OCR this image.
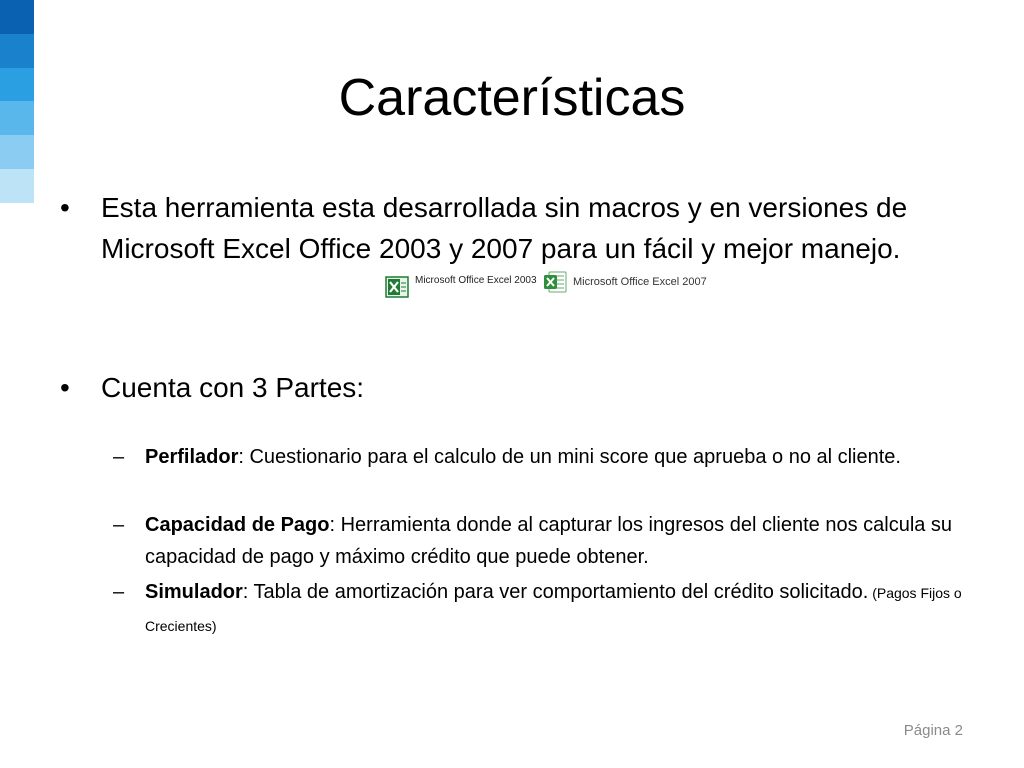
Características
• Esta herramienta esta desarrollada sin macros y en versiones de Microsoft Excel Office 2003 y 2007 para un fácil y mejor manejo.
Microsoft Office Excel 2003	Microsoft Office Excel 2007
• Cuenta con 3 Partes:
– Perfilador: Cuestionario para el calculo de un mini score que aprueba o no al cliente.
– Capacidad de Pago: Herramienta donde al capturar los ingresos del cliente nos calcula su capacidad de pago y máximo crédito que puede obtener.
– Simulador: Tabla de amortización para ver comportamiento del crédito solicitado. (Pagos Fijos o Crecientes)
Página 2
